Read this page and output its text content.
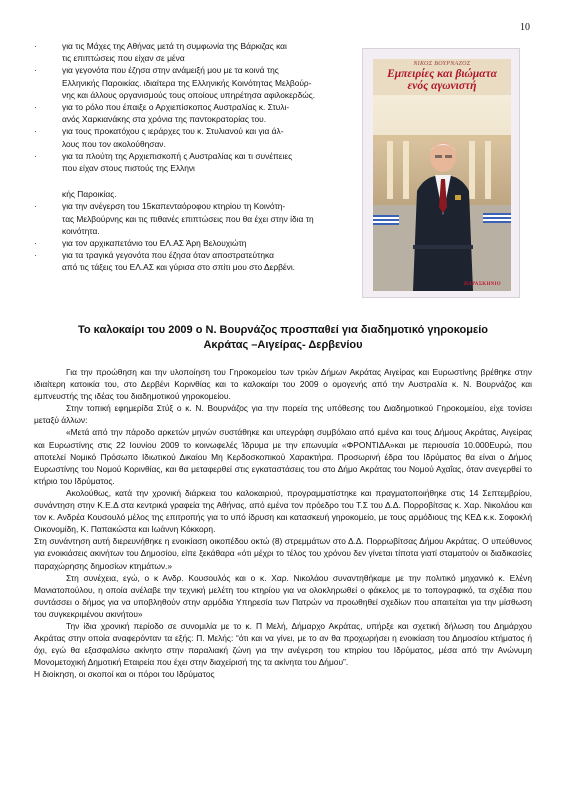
10
·	για τις Μάχες της Αθήνας μετά τη συμφωνία της Βάρκιζας και
τις επιπτώσεις που είχαν σε μένα
·	για γεγονότα που έζησα στην ανάμειξή μου με τα κοινά της
Ελληνικής Παροικίας. ιδιαίτερα της Ελληνικής Κοινότητας Μελβούρ-
νης και άλλους οργανισμούς τους οποίους υπηρέτησα αφιλοκερδώς.
·	για το ρόλο που έπαιξε ο Αρχιεπίσκοπος Αυστραλίας κ. Στυλι-
ανός Χαρκιανάκης στα χρόνια της παντοκρατορίας του.
·	για τους προκατόχου ς ιεράρχες του κ. Στυλιανού και για άλ-
λους που τον ακολούθησαν.
·	για τα πλούτη της Αρχιεπισκοπή ς Αυστραλίας και τι συνέπειες
που είχαν στους πιστούς της Ελληνι
κής Παροικίας.
·	για την ανέγερση του 15καπενταόροφου κτηρίου τη Κοινότη-
τας Μελβούρνης και τις πιθανές επιπτώσεις που θα έχει στην ίδια τη
κοινότητα.
·	για τον αρχικαπετάνιο του ΕΛ.ΑΣ Άρη Βελουχιώτη
·	για τα τραγικά γεγονότα που έζησα όταν αποστρατεύτηκα
από τις τάξεις του ΕΛ.ΑΣ και γύρισα στο σπίτι μου στο Δερβένι.
ΝΙΚΟΣ ΒΟΥΡΝΑΖΟΣ
Εμπειρίες και βιώματα
ενός αγωνιστή
ΠΑΡΑΣΚΗΝΙΟ
Το καλοκαίρι του 2009 ο Ν. Βουρνάζος προσπαθεί για διαδημοτικό γηροκομείο
Ακράτας –Αιγείρας- Δερβενίου

Για την προώθηση και την υλοποίηση του Γηροκομείου των τριών Δήμων Ακράτας Αιγείρας και Ευρωστίνης βρέθηκε στην ιδιαίτερη κατοικία του, στο Δερβένι Κορινθίας και το καλοκαίρι του 2009 ο ομογενής από την Αυστραλία κ. Ν. Βουρνάζος και εμπνευστής της ιδέας του διαδημοτικού γηροκομείου.

Στην τοπική εφημερίδα Στύξ ο κ. Ν. Βουρνάζος για την πορεία της υπόθεσης του Διαδημοτικού Γηροκομείου, είχε τονίσει μεταξύ άλλων:

«Μετά από την πάροδο αρκετών μηνών συστάθηκε και υπεγράφη συμβόλαιο από εμένα και τους Δήμους Ακράτας, Αιγείρας και Ευρωστίνης στις 22 Ιουνίου 2009 το κοινωφελές Ίδρυμα με την επωνυμία «ΦΡΟΝΤΙΔΑ»και με περιουσία 10.000Ευρώ, που αποτελεί Νομικό Πρόσωπο Ιδιωτικού Δικαίου Μη Κερδοσκοπικού Χαρακτήρα. Προσωρινή έδρα του Ιδρύματος θα είναι ο Δήμος Ευρωστίνης του Νομού Κορινθίας, και θα μεταφερθεί στις εγκαταστάσεις του στο Δήμο Ακράτας του Νομού Αχαΐας, όταν ανεγερθεί το κτήριο του Ιδρύματος.

Ακολούθως, κατά την χρονική διάρκεια του καλοκαιριού, προγραμματίστηκε και πραγματοποιήθηκε στις 14 Σεπτεμβρίου, συνάντηση στην Κ.Ε.Δ στα κεντρικά γραφεία της Αθήνας, από εμένα τον πρόεδρο του Τ.Σ του Δ.Δ. Πορροβίτσας κ. Χαρ. Νικολάου και τον κ. Ανδρέα Κουσουλό μέλος της επιτροπής για το υπό ίδρυση και κατασκευή γηροκομείο, με τους αρμόδιους της ΚΕΔ κ.κ. Σοφοκλή Οικονομίδη, Κ. Παπακώστα και Ιωάννη Κόκκορη.

Στη συνάντηση αυτή διερευνήθηκε η ενοικίαση οικοπέδου οκτώ (8) στρεμμάτων στο Δ.Δ. Πορρωβίτσας Δήμου Ακράτας. Ο υπεύθυνος για ενοικιάσεις ακινήτων του Δημοσίου, είπε ξεκάθαρα «ότι μέχρι το τέλος του χρόνου δεν γίνεται τίποτα γιατί σταματούν οι διαδικασίες παραχώρησης δημοσίων κτημάτων.»

Στη συνέχεια, εγώ, ο κ Ανδρ. Κουσουλός και ο κ. Χαρ. Νικολάου συναντηθήκαμε με την πολιτικό μηχανικό κ. Ελένη Μανιατοπούλου, η οποία ανέλαβε την τεχνική μελέτη του κτηρίου για να ολοκληρωθεί ο φάκελος με το τοπογραφικό, τα σχέδια που συντάσσει ο δήμος για να υποβληθούν στην αρμόδια Υπηρεσία των Πατρών να προωθηθεί σχεδίων που απαιτείται για την μίσθωση του συγκεκριμένου ακινήτου»

Την ίδια χρονική περίοδο σε συνομιλία με το κ. Π Μελή, Δήμαρχο Ακράτας, υπήρξε και σχετική δήλωση του Δημάρχου Ακράτας στην οποία αναφερόνταν τα εξής: Π. Μελής: “ότι και να γίνει, με το αν θα προχωρήσει η ενοικίαση του Δημοσίου κτήματος ή όχι, εγώ θα εξασφαλίσω ακίνητο στην παραλιακή ζώνη για την ανέγερση του κτηρίου του Ιδρύματος, μέσα από την Ανώνυμη Μονομετοχική Δημοτική Εταιρεία που έχει στην διαχείρισή της τα ακίνητα του Δήμου”.

Η διοίκηση, οι σκοποί και οι πόροι του Ιδρύματος
